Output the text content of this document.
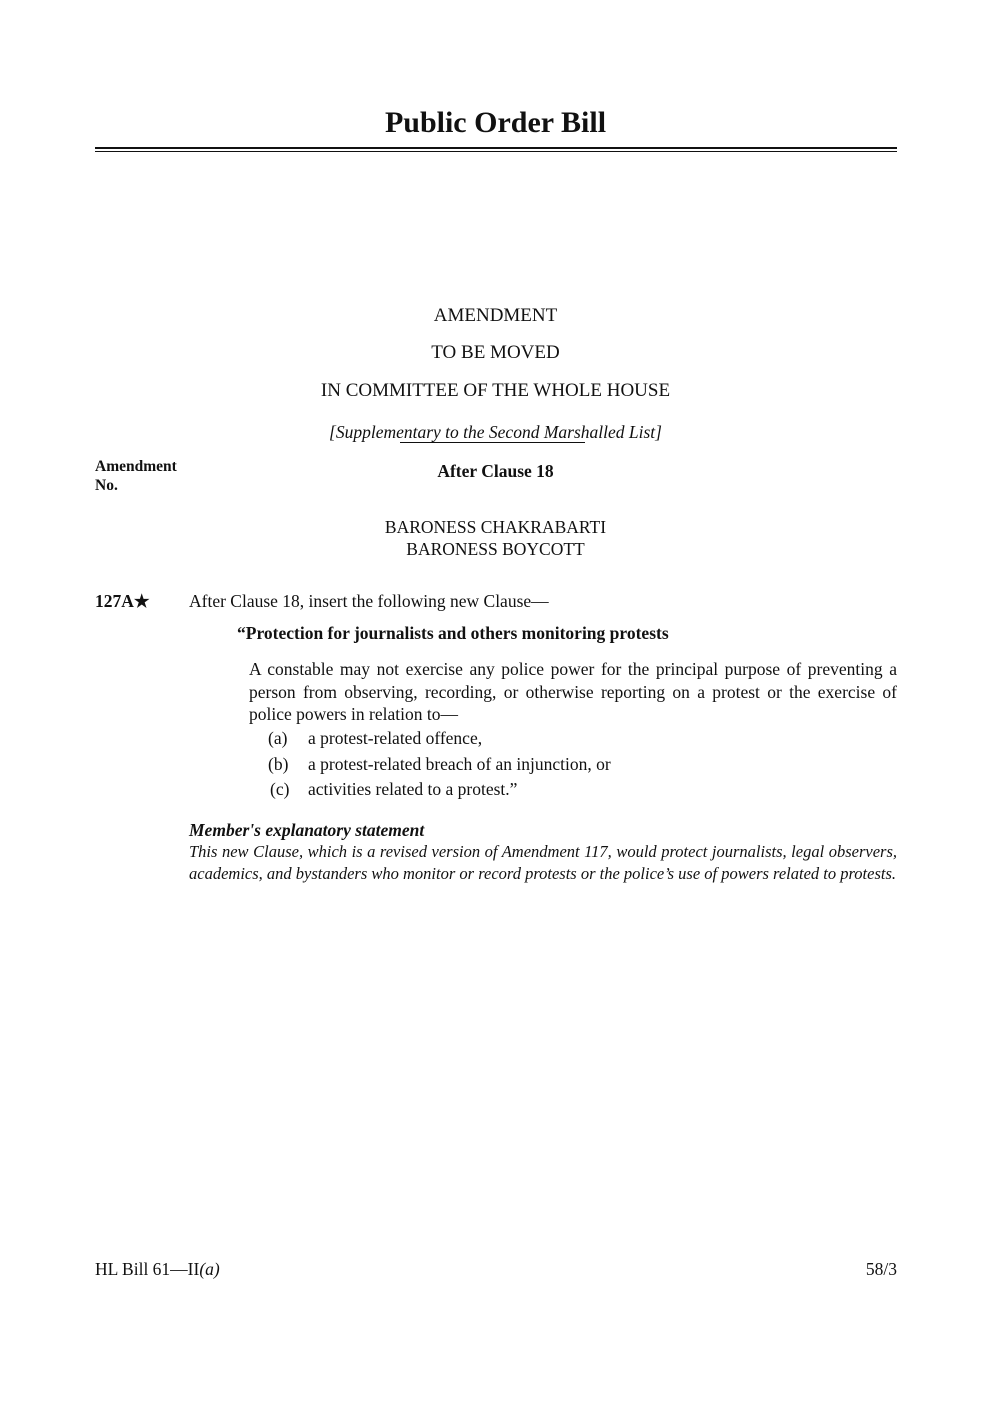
Public Order Bill
AMENDMENT
TO BE MOVED
IN COMMITTEE OF THE WHOLE HOUSE
[Supplementary to the Second Marshalled List]
Amendment No.
After Clause 18
BARONESS CHAKRABARTI
BARONESS BOYCOTT
127A★ After Clause 18, insert the following new Clause—
“Protection for journalists and others monitoring protests
A constable may not exercise any police power for the principal purpose of preventing a person from observing, recording, or otherwise reporting on a protest or the exercise of police powers in relation to—
(a) a protest-related offence,
(b) a protest-related breach of an injunction, or
(c) activities related to a protest.”
Member's explanatory statement
This new Clause, which is a revised version of Amendment 117, would protect journalists, legal observers, academics, and bystanders who monitor or record protests or the police’s use of powers related to protests.
HL Bill 61—II(a)	58/3
